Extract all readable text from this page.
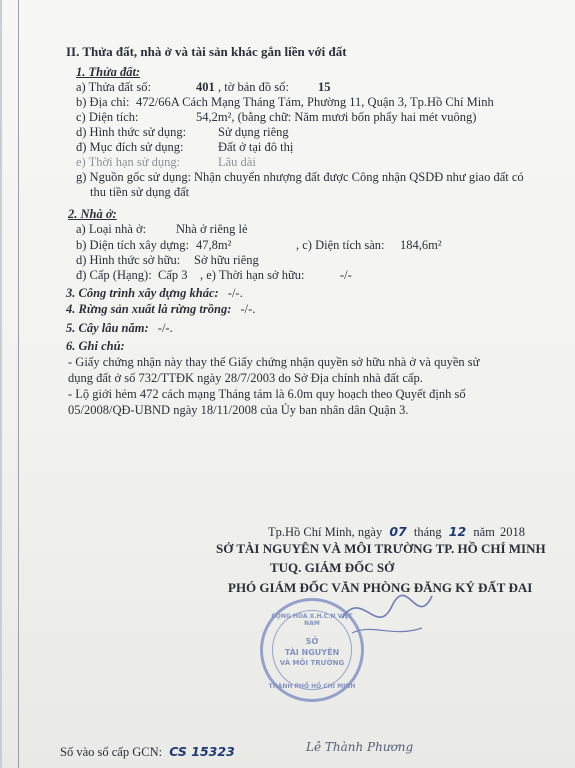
II. Thửa đất, nhà ở và tài sản khác gắn liền với đất
1. Thửa đất:
a) Thửa đất số:	401 , tờ bản đồ số: 15
b) Địa chỉ: 472/66A Cách Mạng Tháng Tám, Phường 11, Quận 3, Tp.Hồ Chí Minh
c) Diện tích:	54,2m², (bằng chữ: Năm mươi bốn phẩy hai mét vuông)
d) Hình thức sử dụng:	Sử dụng riêng
đ) Mục đích sử dụng:	Đất ở tại đô thị
e) Thời hạn sử dụng:	Lâu dài
g) Nguồn gốc sử dụng: Nhận chuyển nhượng đất được Công nhận QSDĐ như giao đất có
thu tiền sử dụng đất
2. Nhà ở:
a) Loại nhà ở: Nhà ở riêng lẻ
b) Diện tích xây dựng: 47,8m²	, c) Diện tích sàn: 184,6m²
d) Hình thức sở hữu: Sở hữu riêng
đ) Cấp (Hạng): Cấp 3 , e) Thời hạn sở hữu:	-/-
3. Công trình xây dựng khác: -/-.
4. Rừng sản xuất là rừng trồng: -/-.
5. Cây lâu năm: -/-.
6. Ghi chú:
- Giấy chứng nhận này thay thế Giấy chứng nhận quyền sở hữu nhà ở và quyền sử
dụng đất ở số 732/TTĐK ngày 28/7/2003 do Sở Địa chính nhà đất cấp.
- Lộ giới hẻm 472 cách mạng Tháng tám là 6.0m quy hoạch theo Quyết định số
05/2008/QĐ-UBND ngày 18/11/2008 của Ủy ban nhân dân Quận 3.
Tp.Hồ Chí Minh, ngày 07 tháng 12 năm 2018
SỞ TÀI NGUYÊN VÀ MÔI TRƯỜNG TP. HỒ CHÍ MINH
TUQ. GIÁM ĐỐC SỞ
PHÓ GIÁM ĐỐC VĂN PHÒNG ĐĂNG KÝ ĐẤT ĐAI
CỘNG HÒA X.H.C.N VIỆT NAM
SỞ
TÀI NGUYÊN
VÀ MÔI TRƯỜNG
THÀNH PHỐ HỒ CHÍ MINH
Lê Thành Phương
Số vào sổ cấp GCN: CS 15323
